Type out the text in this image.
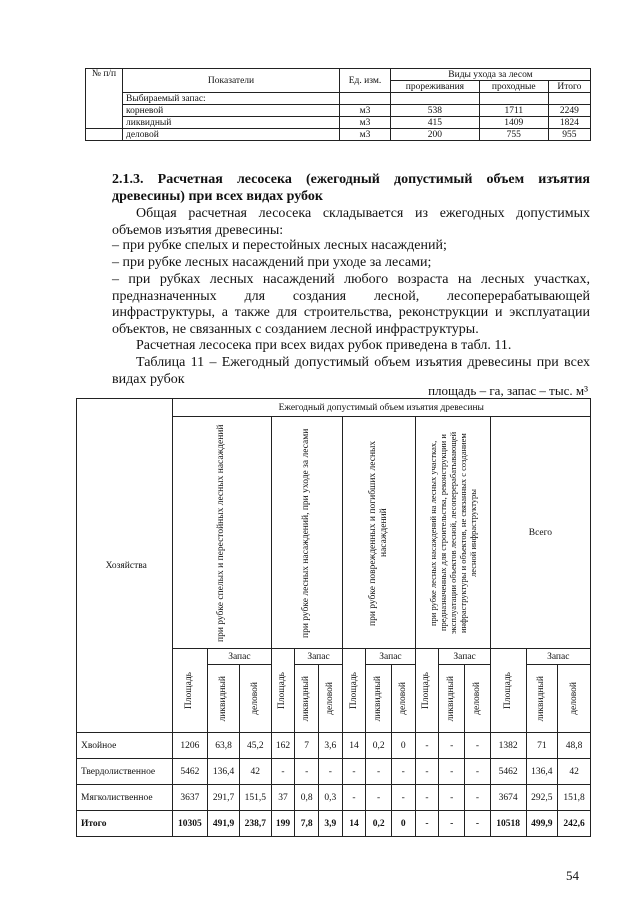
№ п/п	Показатели	Ед. изм.	Виды ухода за лесом		
			прореживания	проходные	Итого
	Выбираемый запас:				
	корневой	м3	538	1711	2249
	ликвидный	м3	415	1409	1824
	деловой	м3	200	755	955
2.1.3. Расчетная лесосека (ежегодный допустимый объем изъятия древесины) при всех видах рубок
Общая расчетная лесосека складывается из ежегодных допустимых объемов изъятия древесины:
– при рубке спелых и перестойных лесных насаждений;
– при рубке лесных насаждений при уходе за лесами;
– при рубках лесных насаждений любого возраста на лесных участках, предназначенных для создания лесной, лесоперерабатывающей инфраструктуры, а также для строительства, реконструкции и эксплуатации объектов, не связанных с созданием лесной инфраструктуры.
Расчетная лесосека при всех видах рубок приведена в табл. 11.
Таблица 11 – Ежегодный допустимый объем изъятия древесины при всех видах рубок
площадь – га, запас – тыс. м³
Хозяйства	Ежегодный допустимый объем изъятия древесины														

	при рубке спелых и перестойных лесных насаждений			при рубке лесных насаждений, при уходе за лесами			при рубке поврежденных и погибших лесных насаждений			при рубке лесных насаждений на лесных участках, предназначенных для строительства, реконструкции и эксплуатации объектов лесной, лесоперерабатывающей инфраструктуры и объектов, не связанных с созданием лесной инфраструктуры			Всего		

	Площадь	Запас		Площадь	Запас		Площадь	Запас		Площадь	Запас		Площадь	Запас	

		ликвидный	деловой		ликвидный	деловой		ликвидный	деловой		ликвидный	деловой		ликвидный	деловой

Хвойное	1206	63,8	45,2	162	7	3,6	14	0,2	0	-	-	-	1382	71	48,8
Твердолиственное	5462	136,4	42	-	-	-	-	-	-	-	-	-	5462	136,4	42
Мягколиственное	3637	291,7	151,5	37	0,8	0,3	-	-	-	-	-	-	3674	292,5	151,8
Итого	10305	491,9	238,7	199	7,8	3,9	14	0,2	0	-	-	-	10518	499,9	242,6
54
